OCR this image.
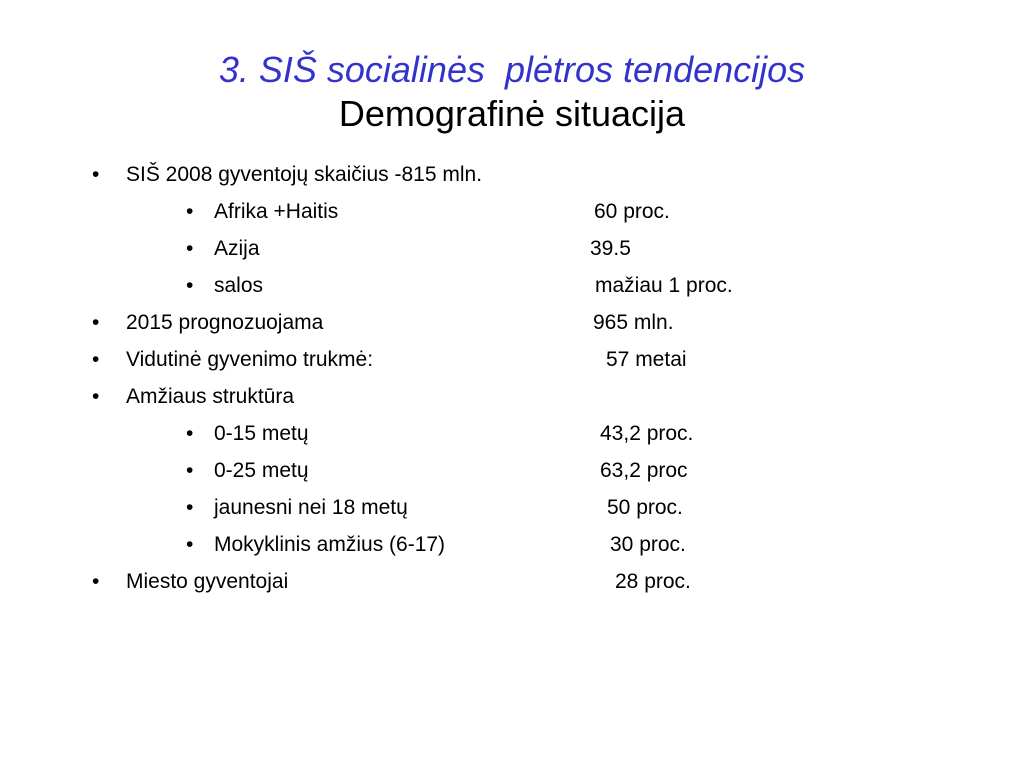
3. SIŠ socialinės  plėtros tendencijos
Demografinė situacija
• SIŠ 2008 gyventojų skaičius -815 mln.
• Afrika +Haitis	60 proc.
• Azija	39.5
• salos	mažiau 1 proc.
• 2015 prognozuojama	965 mln.
• Vidutinė gyvenimo trukmė:	57 metai
• Amžiaus struktūra
• 0-15 metų	43,2 proc.
• 0-25 metų	63,2 proc
• jaunesni nei 18 metų	50 proc.
• Mokyklinis amžius (6-17)	30 proc.
• Miesto gyventojai	28 proc.
